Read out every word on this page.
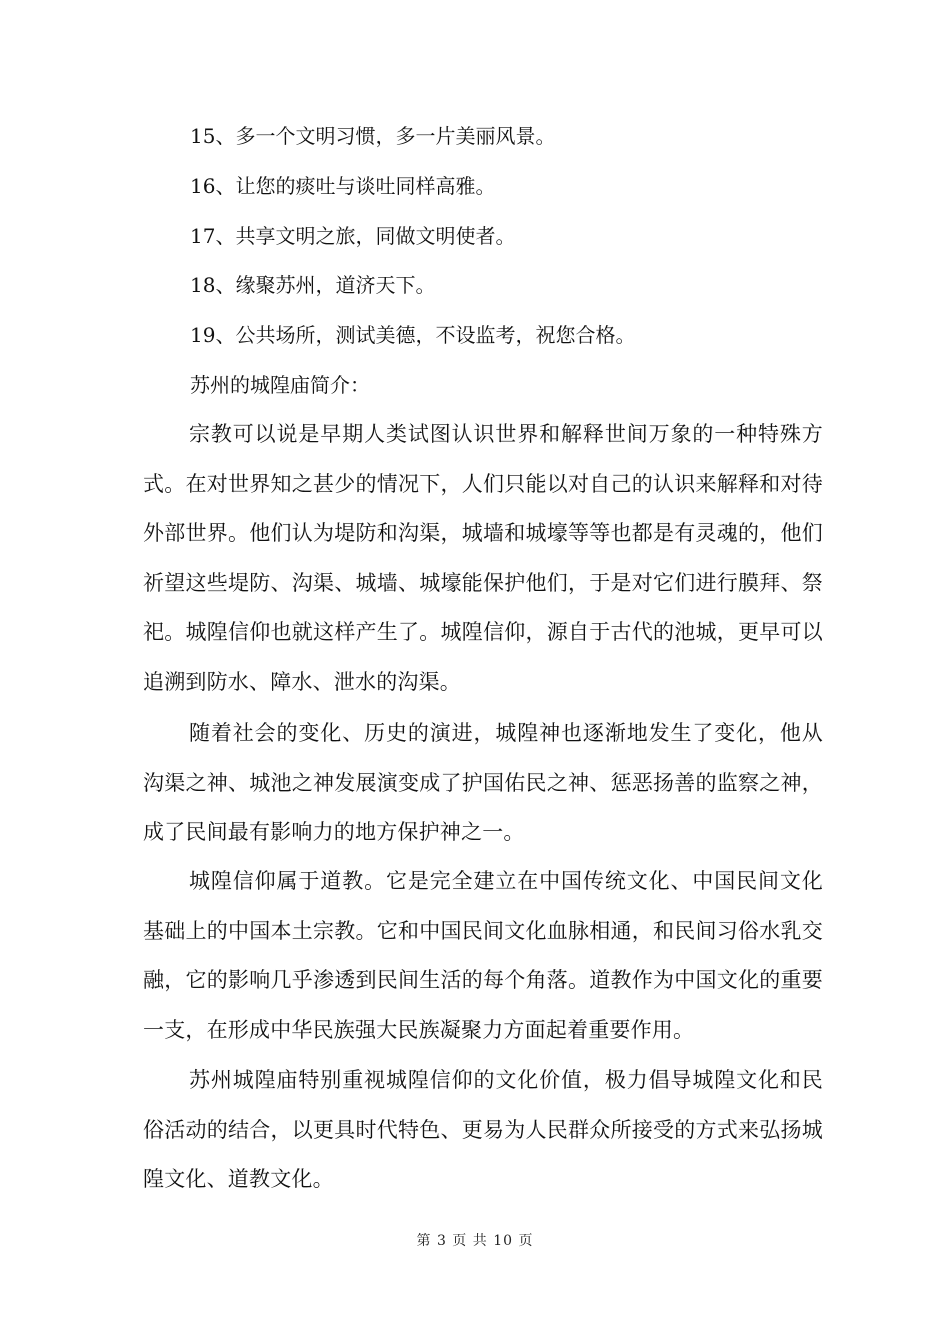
15、多一个文明习惯，多一片美丽风景。
16、让您的痰吐与谈吐同样高雅。
17、共享文明之旅，同做文明使者。
18、缘聚苏州，道济天下。
19、公共场所，测试美德，不设监考，祝您合格。
苏州的城隍庙简介：

宗教可以说是早期人类试图认识世界和解释世间万象的一种特殊方式。在对世界知之甚少的情况下，人们只能以对自己的认识来解释和对待外部世界。他们认为堤防和沟渠，城墙和城壕等等也都是有灵魂的，他们祈望这些堤防、沟渠、城墙、城壕能保护他们，于是对它们进行膜拜、祭祀。城隍信仰也就这样产生了。城隍信仰，源自于古代的池城，更早可以追溯到防水、障水、泄水的沟渠。

随着社会的变化、历史的演进，城隍神也逐渐地发生了变化，他从沟渠之神、城池之神发展演变成了护国佑民之神、惩恶扬善的监察之神，成了民间最有影响力的地方保护神之一。

城隍信仰属于道教。它是完全建立在中国传统文化、中国民间文化基础上的中国本土宗教。它和中国民间文化血脉相通，和民间习俗水乳交融，它的影响几乎渗透到民间生活的每个角落。道教作为中国文化的重要一支，在形成中华民族强大民族凝聚力方面起着重要作用。

苏州城隍庙特别重视城隍信仰的文化价值，极力倡导城隍文化和民俗活动的结合，以更具时代特色、更易为人民群众所接受的方式来弘扬城隍文化、道教文化。

第 3 页 共 10 页
